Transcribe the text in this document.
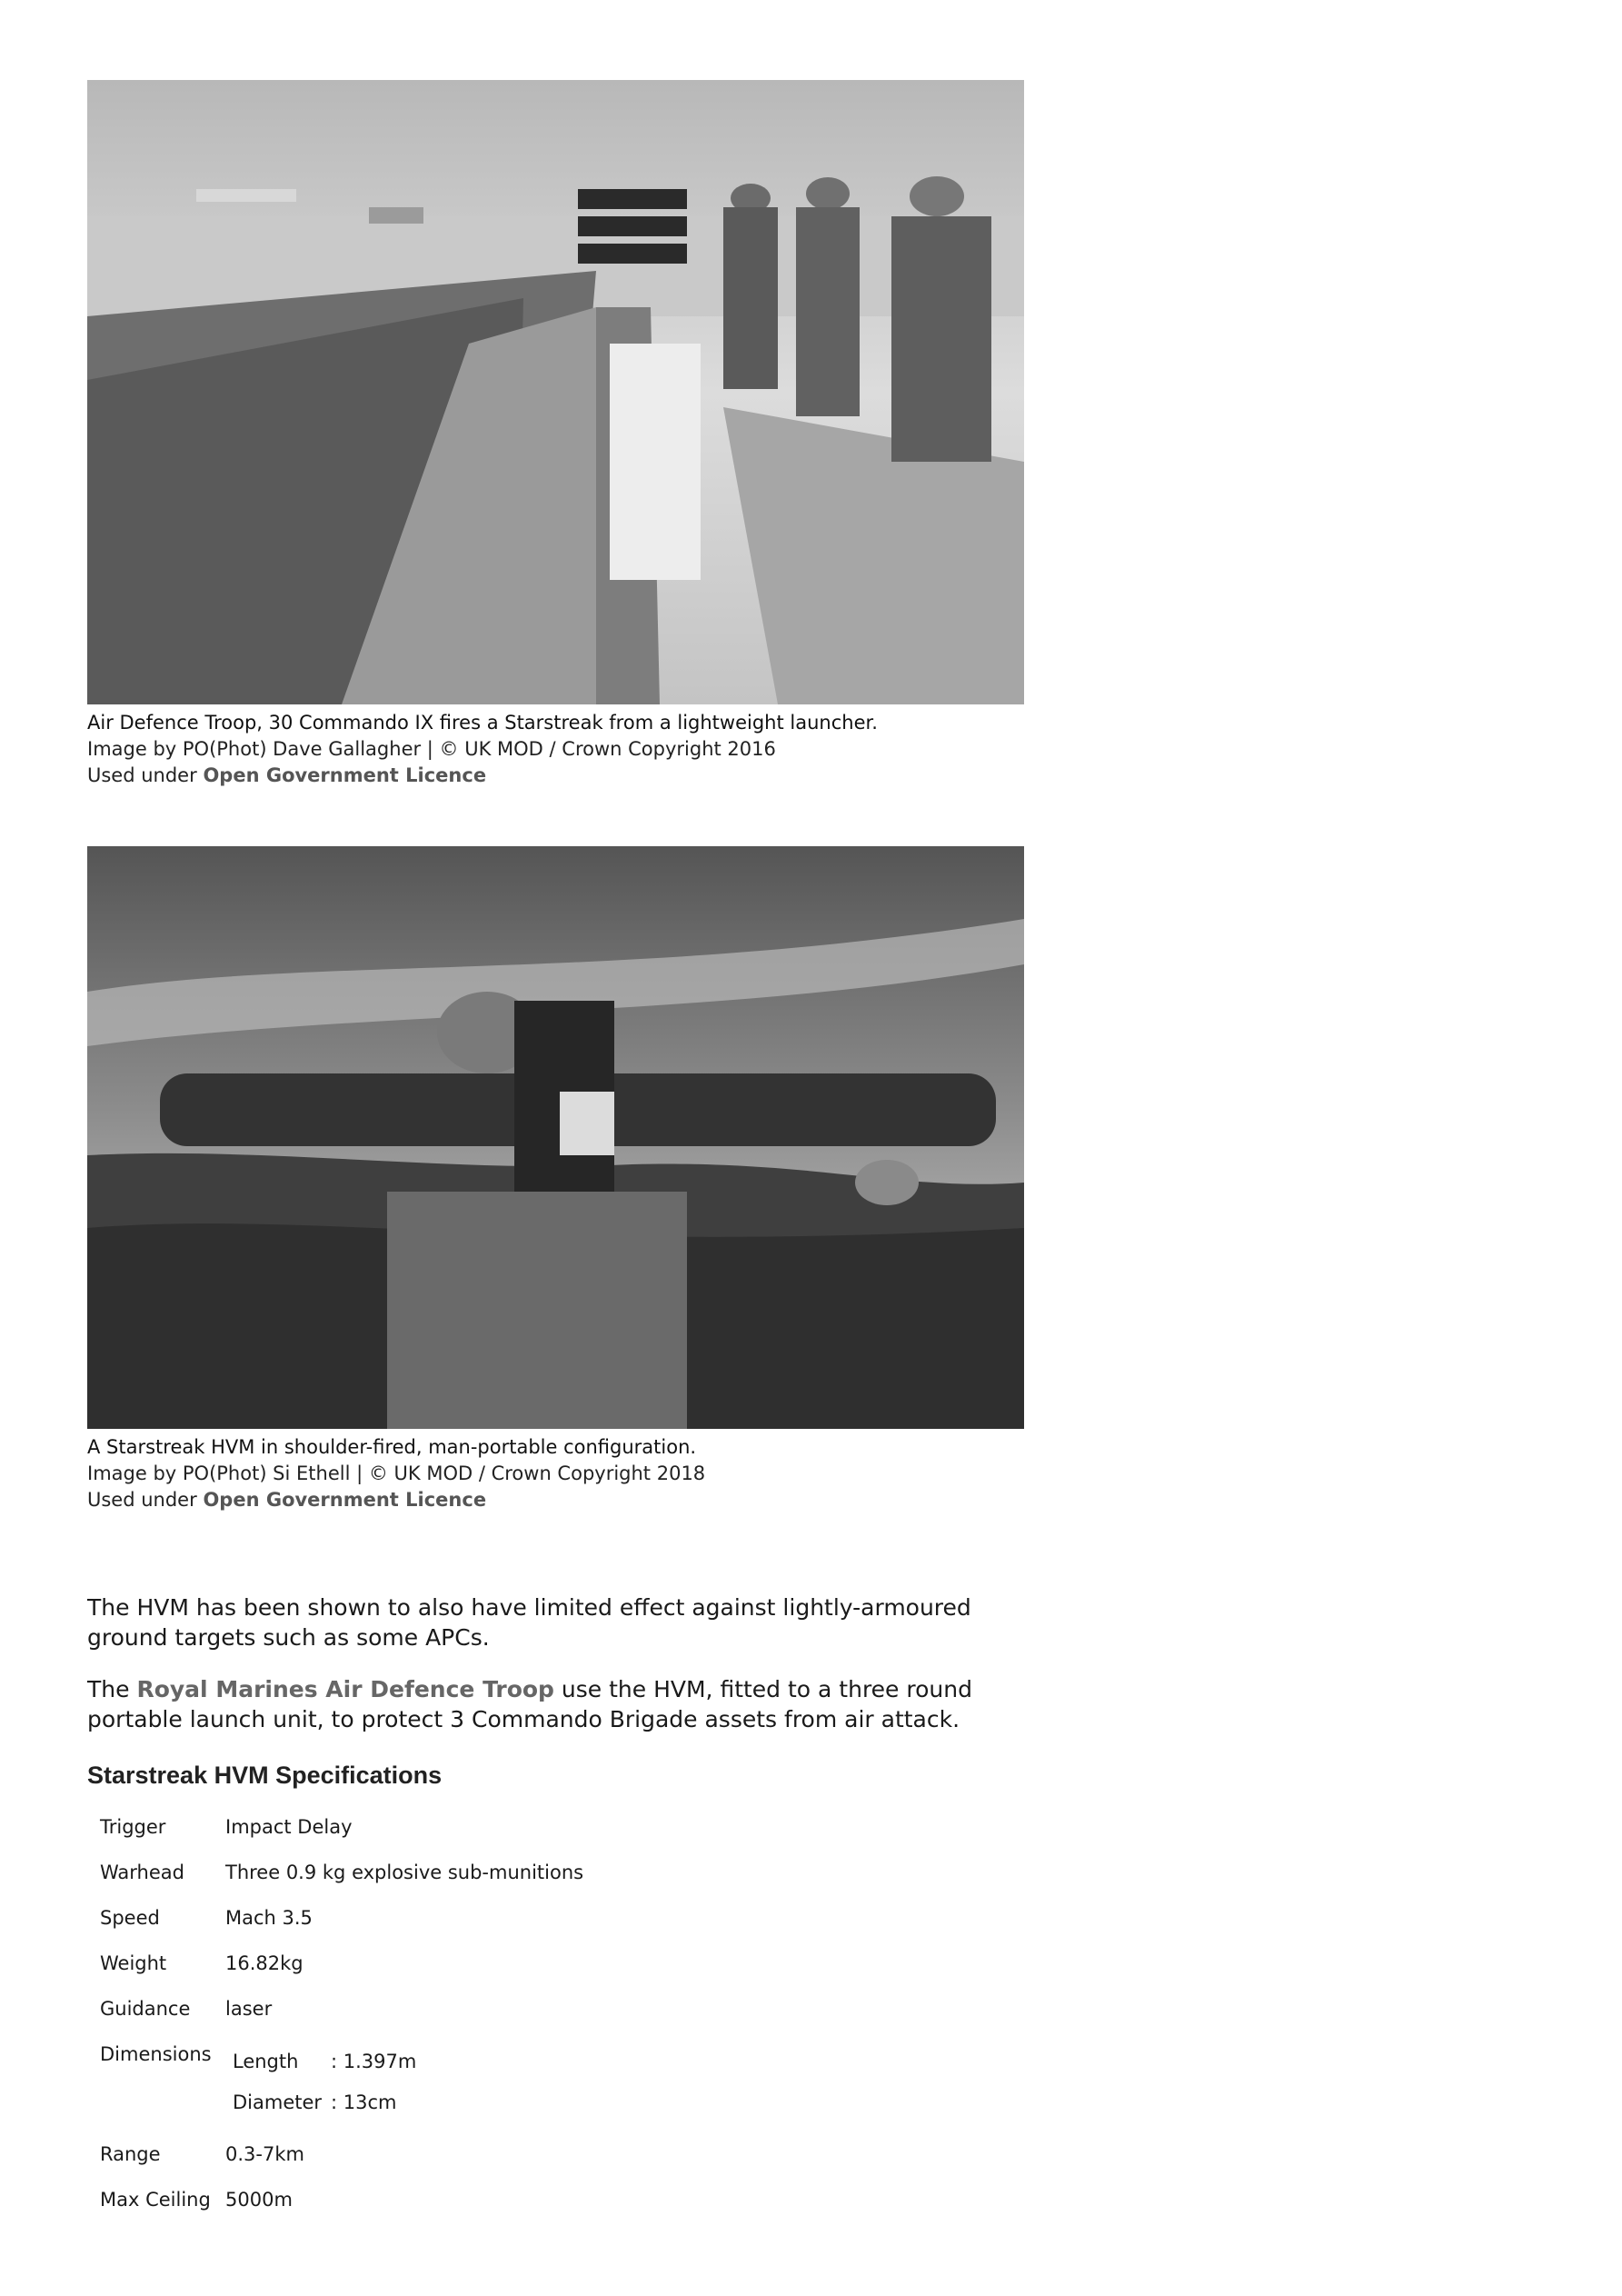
Air Defence Troop, 30 Commando IX fires a Starstreak from a lightweight launcher.
Image by PO(Phot) Dave Gallagher | © UK MOD / Crown Copyright 2016
Used under Open Government Licence
A Starstreak HVM in shoulder-fired, man-portable configuration.
Image by PO(Phot) Si Ethell | © UK MOD / Crown Copyright 2018
Used under Open Government Licence

The HVM has been shown to also have limited effect against lightly-armoured ground targets such as some APCs.

The Royal Marines Air Defence Troop use the HVM, fitted to a three round portable launch unit, to protect 3 Commando Brigade assets from air attack.

Starstreak HVM Specifications
Trigger	Impact Delay
Warhead	Three 0.9 kg explosive sub-munitions
Speed	Mach 3.5
Weight	16.82kg
Guidance	laser
Dimensions	Length	: 1.397m
Diameter : 13cm
Range	0.3-7km
Max Ceiling 5000m
